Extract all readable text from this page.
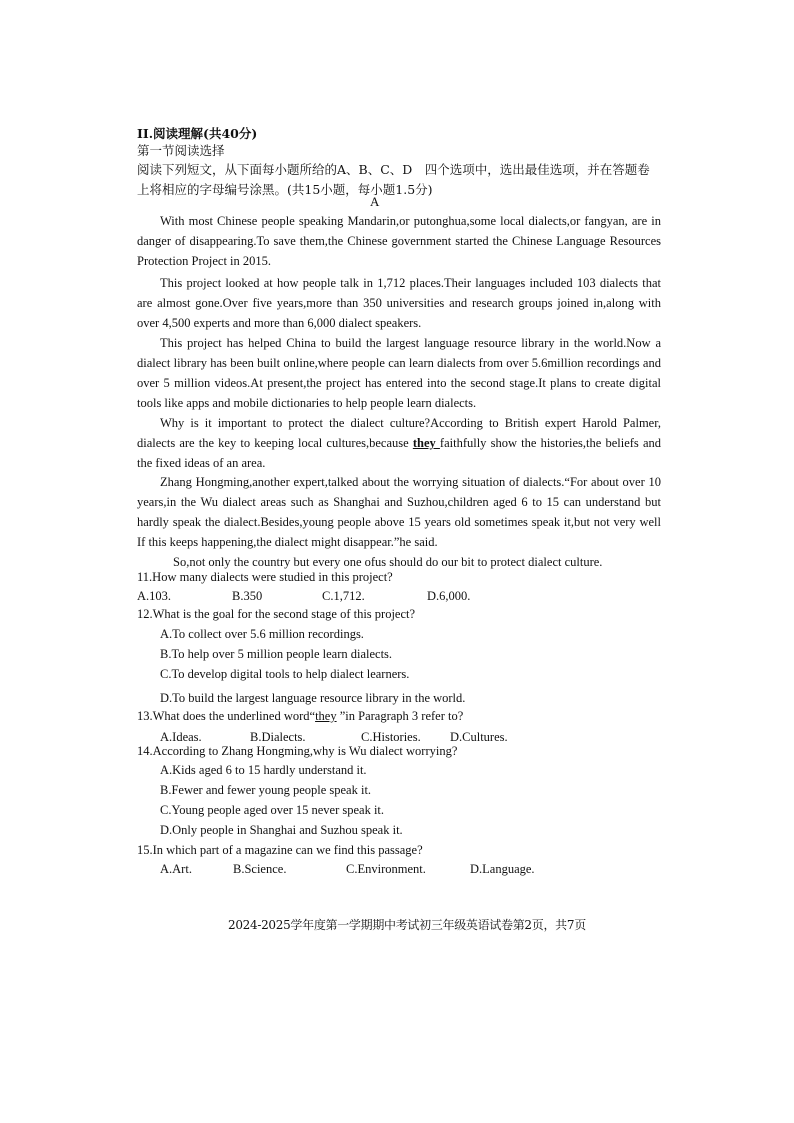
II.阅读理解(共40分)
第一节阅读选择
阅读下列短文，从下面每小题所给的A、B、C、D　四个选项中，选出最佳选项，并在答题卷上将相应的字母编号涂黑。(共15小题，每小题1.5分)
A

With most Chinese people speaking Mandarin,or putonghua,some local dialects,or fangyan, are in danger of disappearing.To save them,the Chinese government started the Chinese Language Resources Protection Project in 2015.

This project looked at how people talk in 1,712 places.Their languages included 103 dialects that are almost gone.Over five years,more than 350 universities and research groups joined in,along with over 4,500 experts and more than 6,000 dialect speakers.

This project has helped China to build the largest language resource library in the world.Now a dialect library has been built online,where people can learn dialects from over 5.6million recordings and over 5 million videos.At present,the project has entered into the second stage.It plans to create digital tools like apps and mobile dictionaries to help people learn dialects.

Why is it important to protect the dialect culture?According to British expert Harold Palmer, dialects are the key to keeping local cultures,because they faithfully show the histories,the beliefs and the fixed ideas of an area.

Zhang Hongming,another expert,talked about the worrying situation of dialects.“For about over 10 years,in the Wu dialect areas such as Shanghai and Suzhou,children aged 6 to 15 can understand but hardly speak the dialect.Besides,young people above 15 years old sometimes speak it,but not very well If this keeps happening,the dialect might disappear.”he said.

So,not only the country but every one ofus should do our bit to protect dialect culture.

11.How many dialects were studied in this project?
A.103.	B.350	C.1,712.	D.6,000.
12.What is the goal for the second stage of this project?
A.To collect over 5.6 million recordings.
B.To help over 5 million people learn dialects.
C.To develop digital tools to help dialect learners.
D.To build the largest language resource library in the world.
13.What does the underlined word“they ”in Paragraph 3 refer to?
A.Ideas.	B.Dialects.	C.Histories. D.Cultures.
14.According to Zhang Hongming,why is Wu dialect worrying?
A.Kids aged 6 to 15 hardly understand it.
B.Fewer and fewer young people speak it.
C.Young people aged over 15 never speak it.
D.Only people in Shanghai and Suzhou speak it.
15.In which part of a magazine can we find this passage?
A.Art.	B.Science.	C.Environment.	D.Language.
2024-2025学年度第一学期期中考试初三年级英语试卷第2页，共7页
